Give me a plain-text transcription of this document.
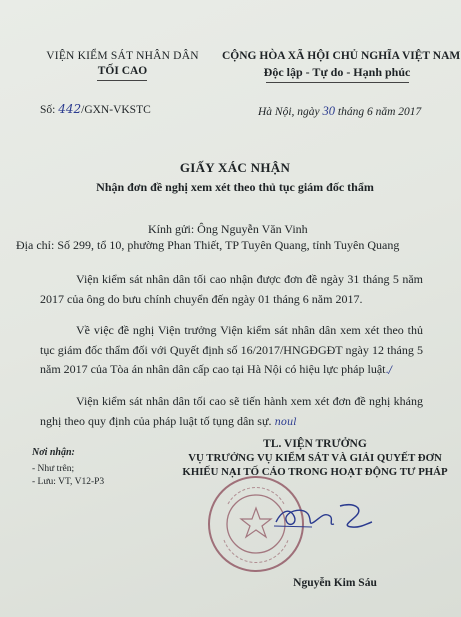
VIỆN KIỂM SÁT NHÂN DÂN
TỐI CAO
CỘNG HÒA XÃ HỘI CHỦ NGHĨA VIỆT NAM
Độc lập - Tự do - Hạnh phúc
Số: 442/GXN-VKSTC	Hà Nội, ngày 30 tháng 6 năm 2017
GIẤY XÁC NHẬN
Nhận đơn đề nghị xem xét theo thủ tục giám đốc thẩm
Kính gửi: Ông Nguyễn Văn Vinh
Địa chỉ: Số 299, tổ 10, phường Phan Thiết, TP Tuyên Quang, tỉnh Tuyên Quang
Viện kiểm sát nhân dân tối cao nhận được đơn đề ngày 31 tháng 5 năm 2017 của ông do bưu chính chuyển đến ngày 01 tháng 6 năm 2017.
Về việc đề nghị Viện trưởng Viện kiểm sát nhân dân xem xét theo thủ tục giám đốc thẩm đối với Quyết định số 16/2017/HNGĐGĐT ngày 12 tháng 5 năm 2017 của Tòa án nhân dân cấp cao tại Hà Nội có hiệu lực pháp luật./
Viện kiểm sát nhân dân tối cao sẽ tiến hành xem xét đơn đề nghị kháng nghị theo quy định của pháp luật tố tụng dân sự. noul
Nơi nhận:
- Như trên;
- Lưu: VT, V12-P3
TL. VIỆN TRƯỞNG
VỤ TRƯỞNG VỤ KIỂM SÁT VÀ GIẢI QUYẾT ĐƠN
KHIẾU NẠI TỐ CÁO TRONG HOẠT ĐỘNG TƯ PHÁP
Nguyễn Kim Sáu
